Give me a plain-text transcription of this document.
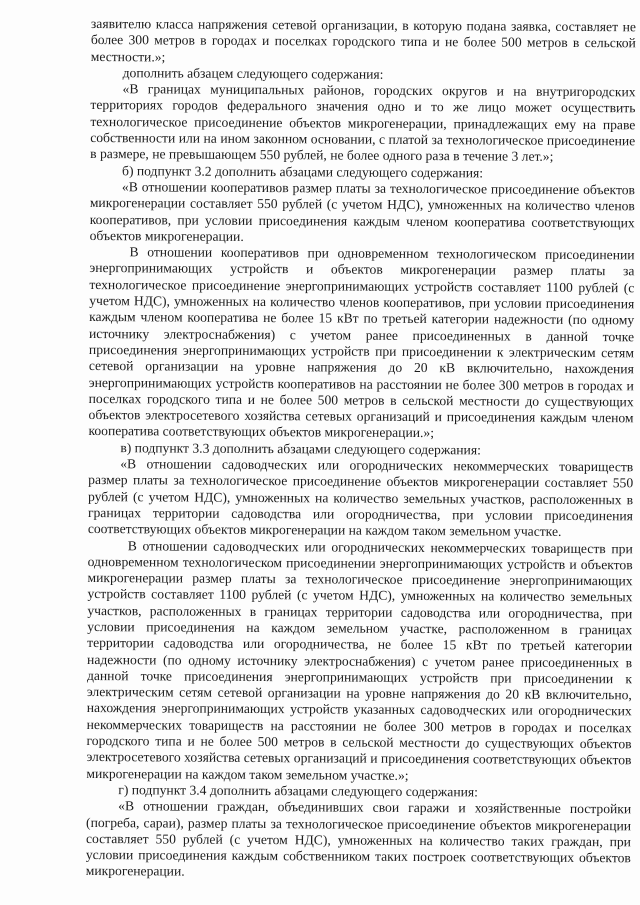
заявителю класса напряжения сетевой организации, в которую подана заявка, составляет не более 300 метров в городах и поселках городского типа и не более 500 метров в сельской местности.»;

дополнить абзацем следующего содержания:

«В границах муниципальных районов, городских округов и на внутригородских территориях городов федерального значения одно и то же лицо может осуществить технологическое присоединение объектов микрогенерации, принадлежащих ему на праве собственности или на ином законном основании, с платой за технологическое присоединение в размере, не превышающем 550 рублей, не более одного раза в течение 3 лет.»;

б) подпункт 3.2 дополнить абзацами следующего содержания:

«В отношении кооперативов размер платы за технологическое присоединение объектов микрогенерации составляет 550 рублей (с учетом НДС), умноженных на количество членов кооперативов, при условии присоединения каждым членом кооператива соответствующих объектов микрогенерации.

В отношении кооперативов при одновременном технологическом присоединении энергопринимающих устройств и объектов микрогенерации размер платы за технологическое присоединение энергопринимающих устройств составляет 1100 рублей (с учетом НДС), умноженных на количество членов кооперативов, при условии присоединения каждым членом кооператива не более 15 кВт по третьей категории надежности (по одному источнику электроснабжения) с учетом ранее присоединенных в данной точке присоединения энергопринимающих устройств при присоединении к электрическим сетям сетевой организации на уровне напряжения до 20 кВ включительно, нахождения энергопринимающих устройств кооперативов на расстоянии не более 300 метров в городах и поселках городского типа и не более 500 метров в сельской местности до существующих объектов электросетевого хозяйства сетевых организаций и присоединения каждым членом кооператива соответствующих объектов микрогенерации.»;

в) подпункт 3.3 дополнить абзацами следующего содержания:

«В отношении садоводческих или огороднических некоммерческих товариществ размер платы за технологическое присоединение объектов микрогенерации составляет 550 рублей (с учетом НДС), умноженных на количество земельных участков, расположенных в границах территории садоводства или огородничества, при условии присоединения соответствующих объектов микрогенерации на каждом таком земельном участке.

В отношении садоводческих или огороднических некоммерческих товариществ при одновременном технологическом присоединении энергопринимающих устройств и объектов микрогенерации размер платы за технологическое присоединение энергопринимающих устройств составляет 1100 рублей (с учетом НДС), умноженных на количество земельных участков, расположенных в границах территории садоводства или огородничества, при условии присоединения на каждом земельном участке, расположенном в границах территории садоводства или огородничества, не более 15 кВт по третьей категории надежности (по одному источнику электроснабжения) с учетом ранее присоединенных в данной точке присоединения энергопринимающих устройств при присоединении к электрическим сетям сетевой организации на уровне напряжения до 20 кВ включительно, нахождения энергопринимающих устройств указанных садоводческих или огороднических некоммерческих товариществ на расстоянии не более 300 метров в городах и поселках городского типа и не более 500 метров в сельской местности до существующих объектов электросетевого хозяйства сетевых организаций и присоединения соответствующих объектов микрогенерации на каждом таком земельном участке.»;

г) подпункт 3.4 дополнить абзацами следующего содержания:

«В отношении граждан, объединивших свои гаражи и хозяйственные постройки (погреба, сараи), размер платы за технологическое присоединение объектов микрогенерации составляет 550 рублей (с учетом НДС), умноженных на количество таких граждан, при условии присоединения каждым собственником таких построек соответствующих объектов микрогенерации.
